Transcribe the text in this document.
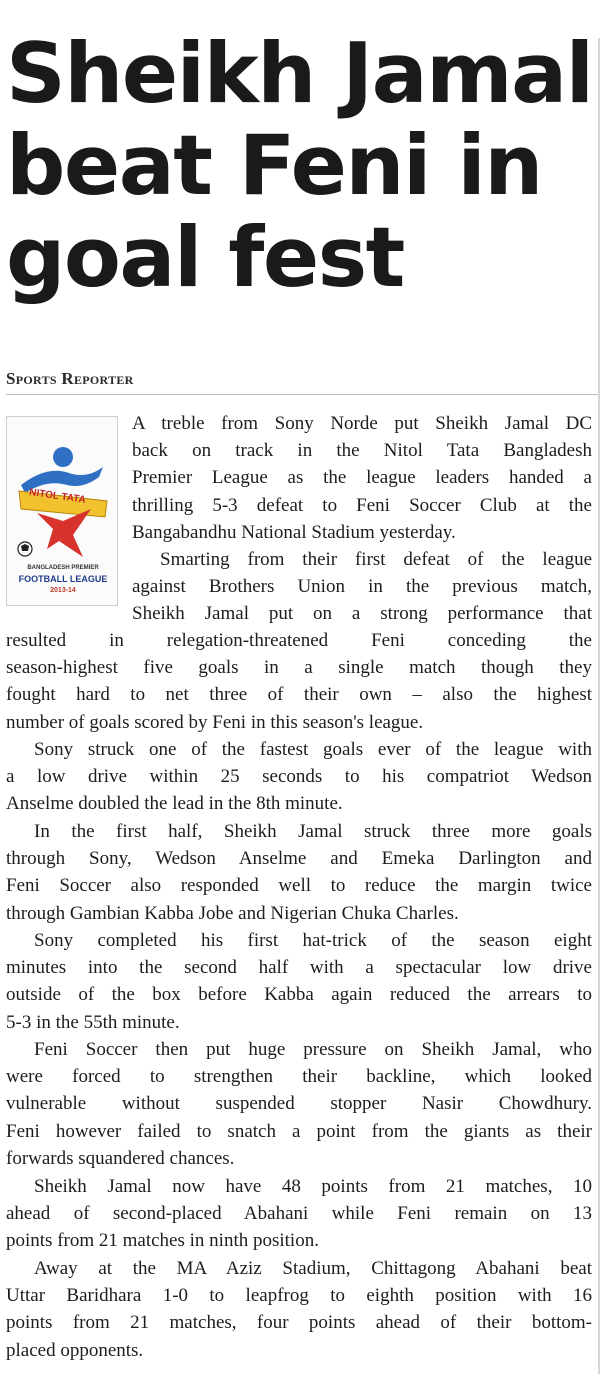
Sheikh Jamal
beat Feni in
goal fest
Sports Reporter
NITOL TATA
BANGLADESH PREMIER
FOOTBALL LEAGUE
2013-14
A treble from Sony Norde put Sheikh Jamal DC
back on track in the Nitol Tata Bangladesh
Premier League as the league leaders handed a
thrilling 5-3 defeat to Feni Soccer Club at the
Bangabandhu National Stadium yesterday.
Smarting from their first defeat of the league
against Brothers Union in the previous match,
Sheikh Jamal put on a strong performance that
resulted in relegation-threatened Feni conceding the
season-highest five goals in a single match though they
fought hard to net three of their own – also the highest
number of goals scored by Feni in this season's league.
Sony struck one of the fastest goals ever of the league with
a low drive within 25 seconds to his compatriot Wedson
Anselme doubled the lead in the 8th minute.
In the first half, Sheikh Jamal struck three more goals
through Sony, Wedson Anselme and Emeka Darlington and
Feni Soccer also responded well to reduce the margin twice
through Gambian Kabba Jobe and Nigerian Chuka Charles.
Sony completed his first hat-trick of the season eight
minutes into the second half with a spectacular low drive
outside of the box before Kabba again reduced the arrears to
5-3 in the 55th minute.
Feni Soccer then put huge pressure on Sheikh Jamal, who
were forced to strengthen their backline, which looked
vulnerable without suspended stopper Nasir Chowdhury.
Feni however failed to snatch a point from the giants as their
forwards squandered chances.
Sheikh Jamal now have 48 points from 21 matches, 10
ahead of second-placed Abahani while Feni remain on 13
points from 21 matches in ninth position.
Away at the MA Aziz Stadium, Chittagong Abahani beat
Uttar Baridhara 1-0 to leapfrog to eighth position with 16
points from 21 matches, four points ahead of their bottom-
placed opponents.
